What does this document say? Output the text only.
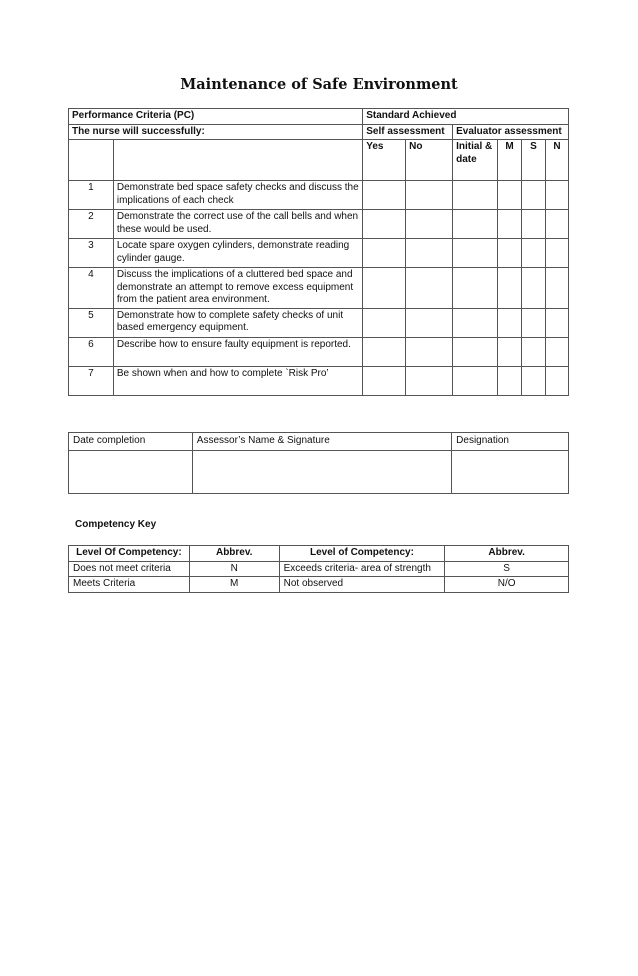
Maintenance of Safe Environment
Performance Criteria (PC)		Standard Achieved					
The nurse will successfully:		Self assessment		Evaluator assessment			
		Yes	No	Initial & date	M	S	N
1	Demonstrate bed space safety checks and discuss the implications of each check						
2	Demonstrate the correct use of the call bells and when these would be used.						
3	Locate spare oxygen cylinders, demonstrate reading cylinder gauge.						
4	Discuss the implications of a cluttered bed space and demonstrate an attempt to remove excess equipment from the patient area environment.						
5	Demonstrate how to complete safety checks of unit based emergency equipment.						
6	Describe how to ensure faulty equipment is reported.						
7	Be shown when and how to complete `Risk Pro’						
Date completion	Assessor’s Name & Signature	Designation

Competency Key
Level Of Competency:	Abbrev.	Level of Competency:	Abbrev.
Does not meet criteria	N	Exceeds criteria- area of strength	S
Meets Criteria	M	Not observed	N/O
